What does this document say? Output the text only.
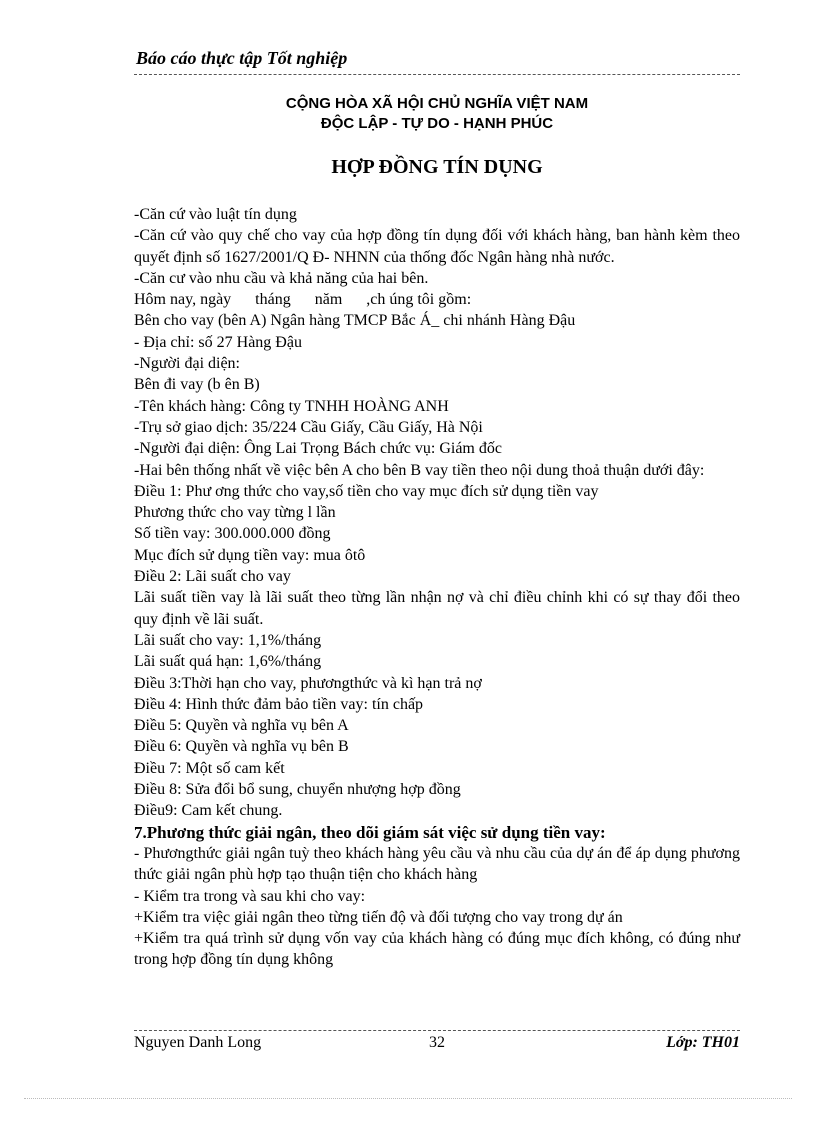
Báo cáo thực tập Tốt nghiệp
CỘNG HÒA XÃ HỘI CHỦ NGHĨA VIỆT NAM
ĐỘC LẬP - TỰ DO - HẠNH PHÚC
HỢP ĐỒNG TÍN DỤNG

-Căn cứ vào luật tín dụng

-Căn cứ vào quy chế cho vay của hợp đồng tín dụng đối với khách hàng, ban hành kèm theo quyết định số 1627/2001/Q Đ- NHNN của thống đốc Ngân hàng nhà nước.

-Căn cư vào nhu cầu và khả năng của hai bên.

Hôm nay, ngày      tháng      năm      ,ch úng tôi gồm:

Bên cho vay (bên A) Ngân hàng TMCP Bắc Á_ chi nhánh Hàng Đậu

- Địa chỉ: số 27 Hàng Đậu

-Người đại diện:

Bên đi vay (b ên B)

-Tên khách hàng: Công ty TNHH HOÀNG ANH

-Trụ sở giao dịch: 35/224 Cầu Giấy, Cầu Giấy, Hà Nội

-Người đại diện: Ông Lai Trọng Bách chức vụ: Giám đốc

-Hai bên thống nhất về việc bên A cho bên B vay tiền theo nội dung thoả thuận dưới đây:

Điều 1: Phư ơng thức cho vay,số tiền cho vay mục đích sử dụng tiền vay

Phương thức cho vay từng l lần

Số tiền vay: 300.000.000 đồng

Mục đích sử dụng tiền vay: mua ôtô

Điều 2: Lãi suất cho vay

Lãi suất tiền vay là lãi suất theo từng lần nhận nợ và chỉ điều chỉnh khi có sự thay đổi theo quy định về lãi suất.

Lãi suất cho vay: 1,1%/tháng

Lãi suất quá hạn: 1,6%/tháng

Điều 3:Thời hạn cho vay, phươngthức và kì hạn trả nợ

Điều 4: Hình thức đảm bảo tiền vay: tín chấp

Điều 5: Quyền và nghĩa vụ bên A

Điều 6: Quyền và nghĩa vụ bên B

Điều 7: Một số cam kết

Điều 8: Sửa đổi bổ sung, chuyển nhượng hợp đồng

Điều9: Cam kết chung.

7.Phương thức giải ngân, theo dõi giám sát việc sử dụng tiền vay:

- Phươngthức giải ngân tuỳ theo khách hàng yêu cầu và nhu cầu của dự án để áp dụng phương thức giải ngân phù hợp tạo thuận tiện cho khách hàng

- Kiểm tra trong và sau khi cho vay:

+Kiểm tra việc giải ngân theo từng tiến độ và đối tượng cho vay trong dự án

+Kiểm tra quá trình sử dụng vốn vay của khách hàng có đúng mục đích không, có đúng như trong hợp đồng tín dụng không

Nguyen Danh Long	32	Lớp: TH01
